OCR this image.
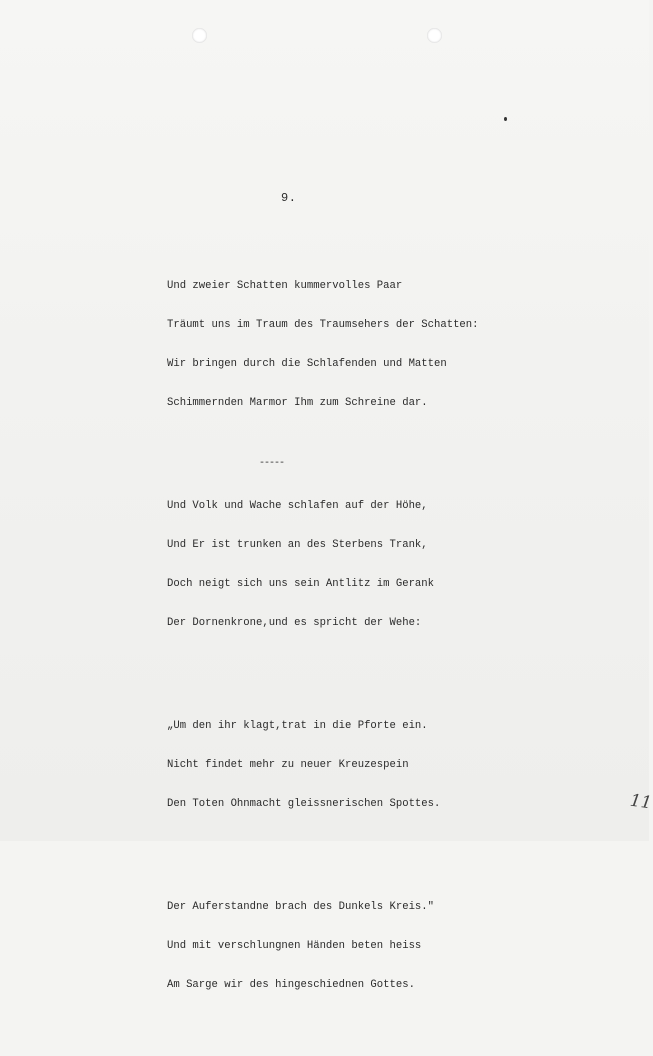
9.

Und zweier Schatten kummervolles Paar

Träumt uns im Traum des Traumsehers der Schatten:

Wir bringen durch die Schlafenden und Matten

Schimmernden Marmor Ihm zum Schreine dar.

Und Volk und Wache schlafen auf der Höhe,

Und Er ist trunken an des Sterbens Trank,

Doch neigt sich uns sein Antlitz im Gerank

Der Dornenkrone,und es spricht der Wehe:

„Um den ihr klagt,trat in die Pforte ein.

Nicht findet mehr zu neuer Kreuzespein

Den Toten Ohnmacht gleissnerischen Spottes.

Der Auferstandne brach des Dunkels Kreis."

Und mit verschlungnen Händen beten heiss

Am Sarge wir des hingeschiednen Gottes.

-----
11
